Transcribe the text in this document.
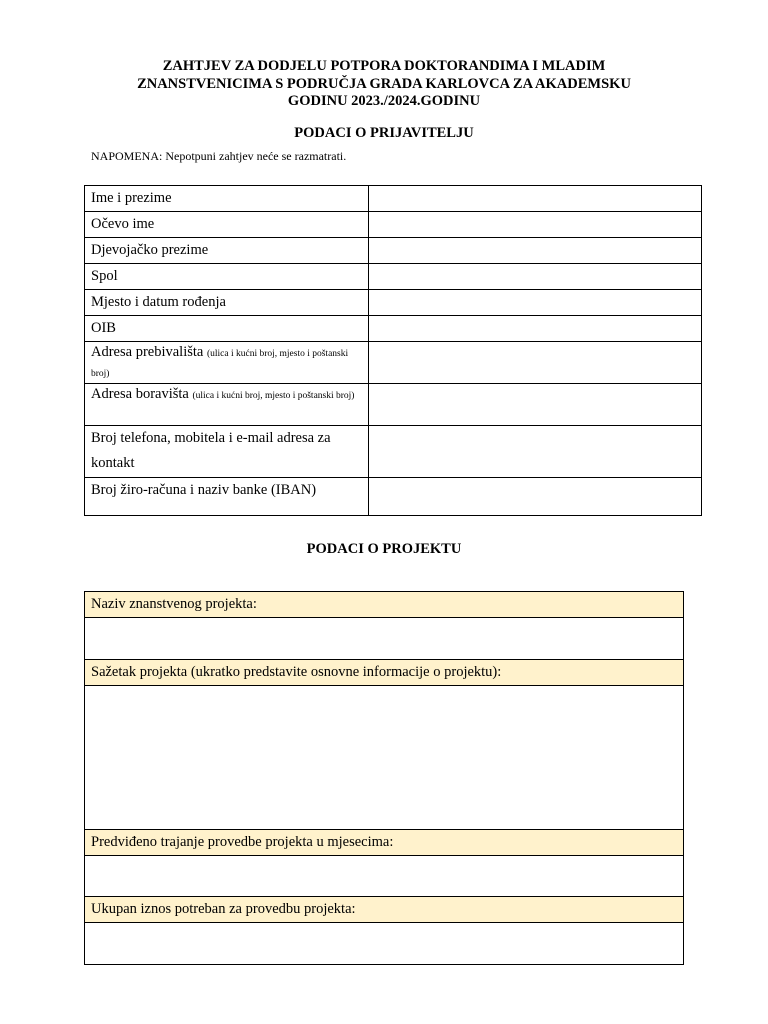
ZAHTJEV ZA DODJELU POTPORA DOKTORANDIMA I MLADIM
ZNANSTVENICIMA S PODRUČJA GRADA KARLOVCA ZA AKADEMSKU
GODINU 2023./2024.GODINU
PODACI O PRIJAVITELJU
NAPOMENA: Nepotpuni zahtjev neće se razmatrati.
Ime i prezime	
Očevo ime	
Djevojačko prezime	
Spol	
Mjesto i datum rođenja	
OIB	
Adresa prebivališta (ulica i kućni broj, mjesto i poštanski broj)	
Adresa boravišta (ulica i kućni broj, mjesto i poštanski broj)	
Broj telefona, mobitela i e-mail adresa za kontakt	
Broj žiro-računa i naziv banke (IBAN)	
PODACI O PROJEKTU
Naziv znanstvenog projekta:

Sažetak projekta (ukratko predstavite osnovne informacije o projektu):

Predviđeno trajanje provedbe projekta u mjesecima:

Ukupan iznos potreban za provedbu projekta:
